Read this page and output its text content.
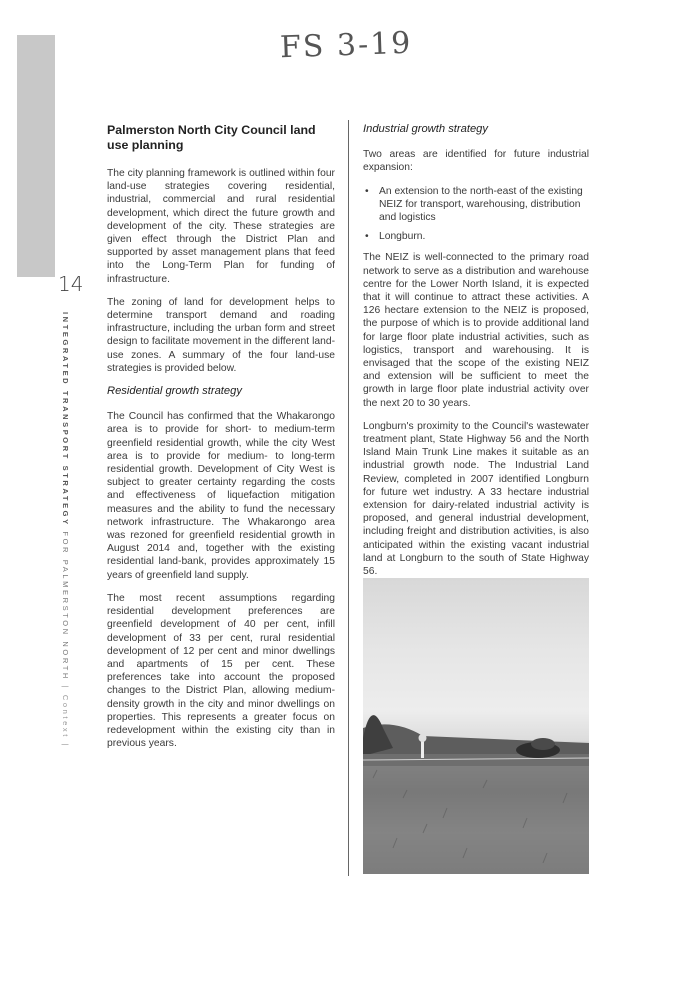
FS 3-19
14
INTEGRATED TRANSPORT STRATEGY FOR PALMERSTON NORTH | Context |
Palmerston North City Council land use planning

The city planning framework is outlined within four land-use strategies covering residential, industrial, commercial and rural residential development, which direct the future growth and development of the city. These strategies are given effect through the District Plan and supported by asset management plans that feed into the Long-Term Plan for funding of infrastructure.

The zoning of land for development helps to determine transport demand and roading infrastructure, including the urban form and street design to facilitate movement in the different land-use zones. A summary of the four land-use strategies is provided below.

Residential growth strategy

The Council has confirmed that the Whakarongo area is to provide for short- to medium-term greenfield residential growth, while the city West area is to provide for medium- to long-term residential growth. Development of City West is subject to greater certainty regarding the costs and effectiveness of liquefaction mitigation measures and the ability to fund the necessary network infrastructure. The Whakarongo area was rezoned for greenfield residential growth in August 2014 and, together with the existing residential land-bank, provides approximately 15 years of greenfield land supply.

The most recent assumptions regarding residential development preferences are greenfield development of 40 per cent, infill development of 33 per cent, rural residential development of 12 per cent and minor dwellings and apartments of 15 per cent. These preferences take into account the proposed changes to the District Plan, allowing medium-density growth in the city and minor dwellings on properties. This represents a greater focus on redevelopment within the existing city than in previous years.

Industrial growth strategy

Two areas are identified for future industrial expansion:

• An extension to the north-east of the existing NEIZ for transport, warehousing, distribution and logistics
• Longburn.

The NEIZ is well-connected to the primary road network to serve as a distribution and warehouse centre for the Lower North Island, it is expected that it will continue to attract these activities. A 126 hectare extension to the NEIZ is proposed, the purpose of which is to provide additional land for large floor plate industrial activities, such as logistics, transport and warehousing. It is envisaged that the scope of the existing NEIZ and extension will be sufficient to meet the growth in large floor plate industrial activity over the next 20 to 30 years.

Longburn's proximity to the Council's wastewater treatment plant, State Highway 56 and the North Island Main Trunk Line makes it suitable as an industrial growth node. The Industrial Land Review, completed in 2007 identified Longburn for future wet industry. A 33 hectare industrial extension for dairy-related industrial activity is proposed, and general industrial development, including freight and distribution activities, is also anticipated within the existing vacant industrial land at Longburn to the south of State Highway 56.
